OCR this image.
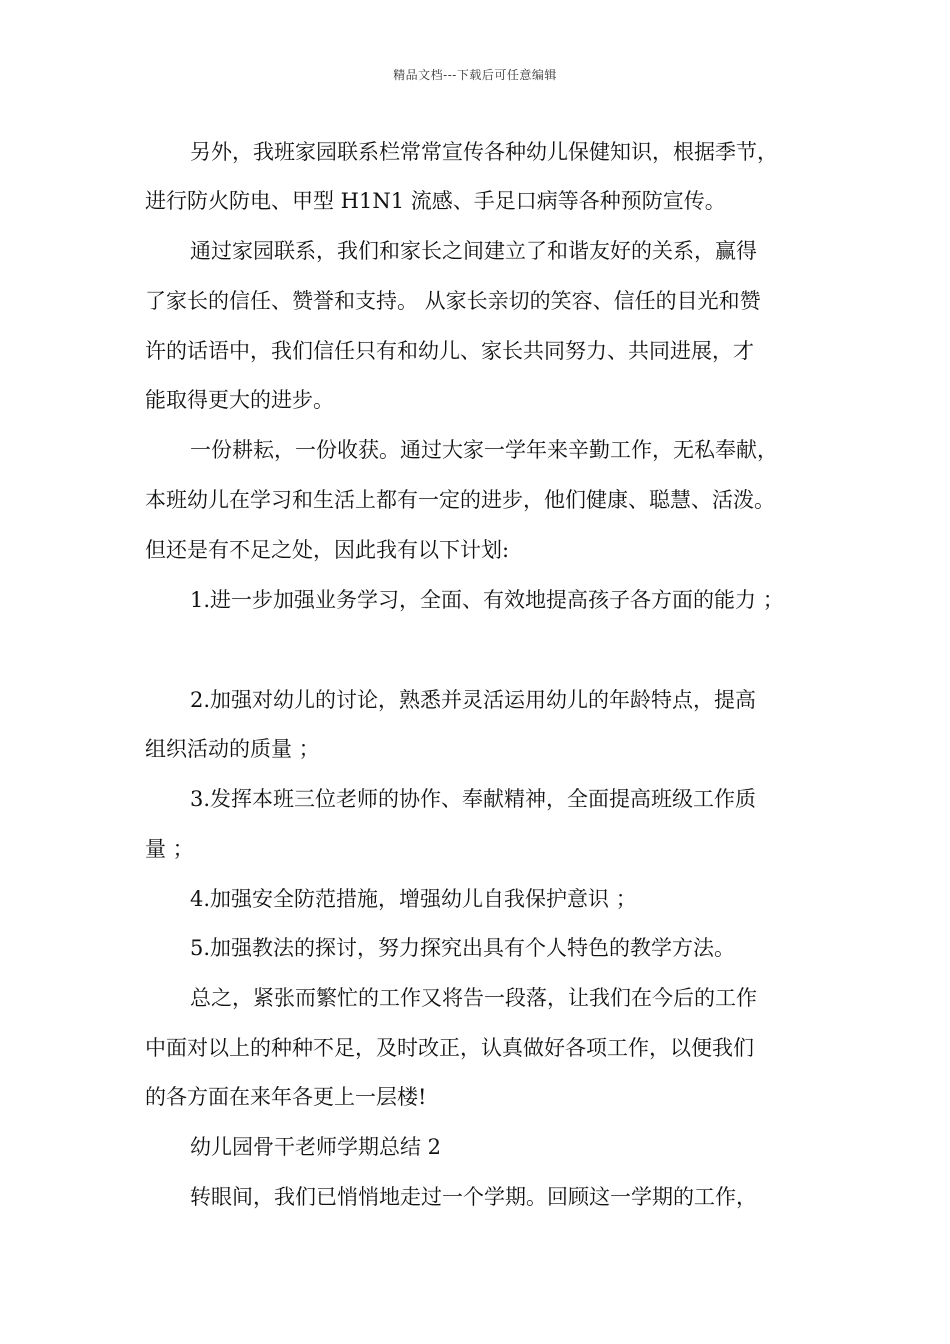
精品文档---下载后可任意编辑
另外，我班家园联系栏常常宣传各种幼儿保健知识，根据季节，
进行防火防电、甲型 H1N1 流感、手足口病等各种预防宣传。
通过家园联系，我们和家长之间建立了和谐友好的关系，赢得
了家长的信任、赞誉和支持。 从家长亲切的笑容、信任的目光和赞
许的话语中，我们信任只有和幼儿、家长共同努力、共同进展，才
能取得更大的进步。
一份耕耘，一份收获。通过大家一学年来辛勤工作，无私奉献，
本班幼儿在学习和生活上都有一定的进步，他们健康、聪慧、活泼。
但还是有不足之处，因此我有以下计划:
1.进一步加强业务学习，全面、有效地提高孩子各方面的能力 ；
2.加强对幼儿的讨论，熟悉并灵活运用幼儿的年龄特点，提高
组织活动的质量 ；
3.发挥本班三位老师的协作、奉献精神，全面提高班级工作质
量 ；
4.加强安全防范措施，增强幼儿自我保护意识 ；
5.加强教法的探讨，努力探究出具有个人特色的教学方法。
总之，紧张而繁忙的工作又将告一段落，让我们在今后的工作
中面对以上的种种不足，及时改正，认真做好各项工作，以便我们
的各方面在来年各更上一层楼!
幼儿园骨干老师学期总结 2
转眼间，我们已悄悄地走过一个学期。回顾这一学期的工作，
